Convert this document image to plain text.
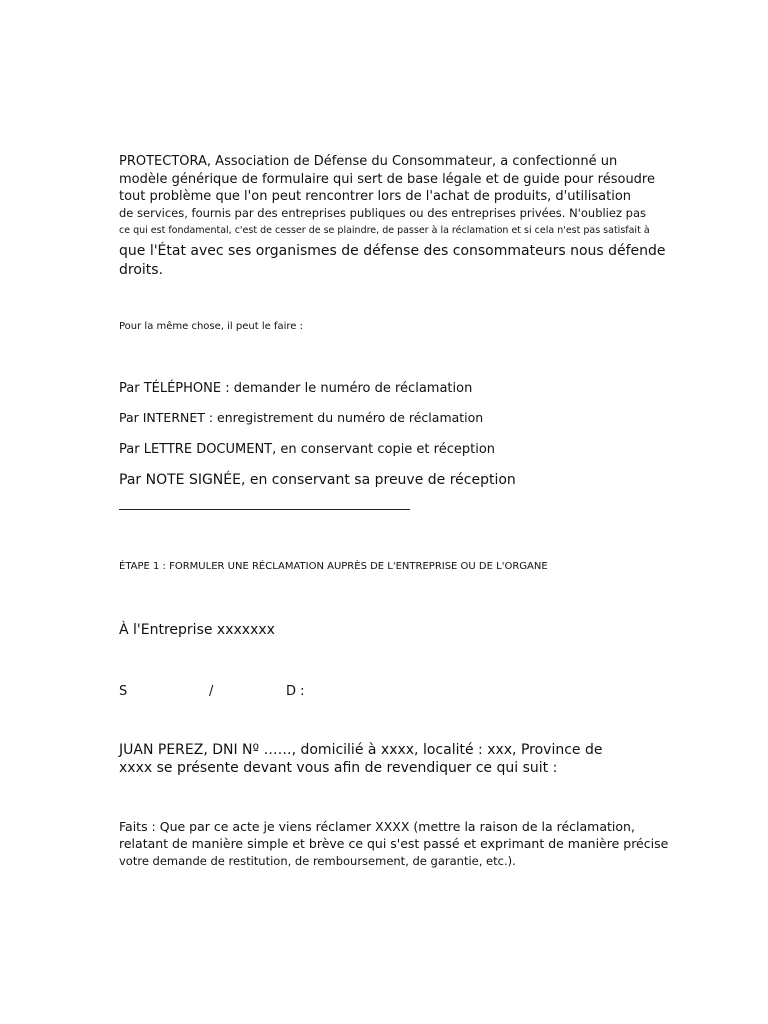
PROTECTORA, Association de Défense du Consommateur, a confectionné un
modèle générique de formulaire qui sert de base légale et de guide pour résoudre
tout problème que l'on peut rencontrer lors de l'achat de produits, d'utilisation
de services, fournis par des entreprises publiques ou des entreprises privées. N'oubliez pas
ce qui est fondamental, c'est de cesser de se plaindre, de passer à la réclamation et si cela n'est pas satisfait à
que l'État avec ses organismes de défense des consommateurs nous défende
droits.
Pour la même chose, il peut le faire :
Par TÉLÉPHONE : demander le numéro de réclamation
Par INTERNET : enregistrement du numéro de réclamation
Par LETTRE DOCUMENT, en conservant copie et réception
Par NOTE SIGNÉE, en conservant sa preuve de réception
ÉTAPE 1 : FORMULER UNE RÉCLAMATION AUPRÈS DE L'ENTREPRISE OU DE L'ORGANE
À l'Entreprise xxxxxxx
S	/	D :
JUAN PEREZ, DNI Nº ……, domicilié à xxxx, localité : xxx, Province de
xxxx se présente devant vous afin de revendiquer ce qui suit :
Faits : Que par ce acte je viens réclamer XXXX (mettre la raison de la réclamation,
relatant de manière simple et brève ce qui s'est passé et exprimant de manière précise
votre demande de restitution, de remboursement, de garantie, etc.).
